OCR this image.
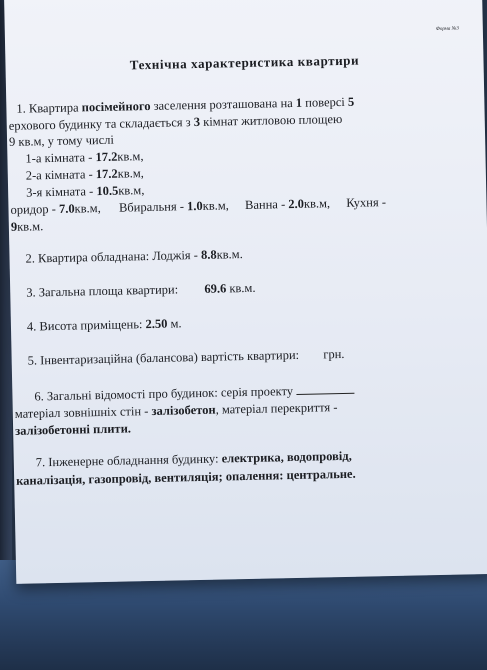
Форма №3
Технічна характеристика квартири
1. Квартира посімейного заселення розташована на 1 поверсі 5
ерхового будинку та складається з 3 кімнат житловою площею
9 кв.м, у тому числі
1-а кімната - 17.2кв.м,
2-а кімната - 17.2кв.м,
3-я кімната - 10.5кв.м,
оридор - 7.0кв.м, Вбиральня - 1.0кв.м, Ванна - 2.0кв.м, Кухня -
9кв.м.
2. Квартира обладнана: Лоджія - 8.8кв.м.
3. Загальна площа квартири: 69.6 кв.м.
4. Висота приміщень: 2.50 м.
5. Інвентаризаційна (балансова) вартість квартири: грн.
6. Загальні відомості про будинок: серія проекту
матеріал зовнішніх стін - залізобетон, матеріал перекриття -
залізобетонні плити.
7. Інженерне обладнання будинку: електрика, водопровід,
каналізація, газопровід, вентиляція; опалення: центральне.
